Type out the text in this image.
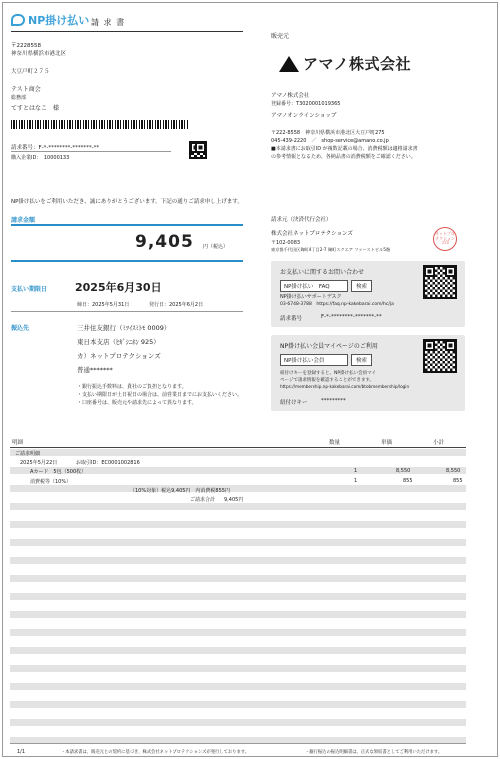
NP掛け払い 請 求 書
販売元
アマノ株式会社
〒2228558
神奈川県横浜市港北区
大豆戸町２７５
テスト商会
総務部
てすとはなこ　様
請求番号：F-*-********-*******-**
購入企業ID：　 10000133
アマノ株式会社
登録番号：T3020001019365
アマノオンラインショップ
〒222-8558　神奈川県横浜市港北区大豆戸町275
045-439-2220　／　shop-service@amano.co.jp
■本請求書にお取引ID が複数記載の場合、消費税額は適格請求書
の参考情報となるため、各納品書の消費税額をご確認ください。
NP掛け払いをご利用いただき、誠にありがとうございます。下記の通りご請求申し上げます。
請求金額
9,405 円（税込）
支払い期限日	2025年6月30日
締日：2025年5月31日	発行日：2025年6月2日
振込先	三井住友銀行（ﾐﾂｲｽﾐﾄﾓ 0009）
東日本支店（ﾋｶﾞｼﾆﾎﾝ 925）
カ）ネットプロテクションズ
普通*******
・銀行振込手数料は、貴社のご負担となります。
・支払い期限日が土日祝日の場合は、前営業日までにお支払いください。
・口座番号は、販売元や請求先によって異なります。
請求元（決済代行会社）
株式会社ネットプロテクションズ
〒102-0083
東京都千代田区麹町4丁目2-7 麹町スクエア ファーストビル5階
ネットプロテクションズ印
お支払いに関するお問い合わせ
NP掛け払い　FAQ	検索
NP掛け払いサポートデスク
03-6748-3788　https://faq.np-kakebarai.com/hc/ja
請求番号	F-*-********-*******-**
NP掛け払い会員マイページのご利用
NP掛け払い会員	検索
紐付けキーを登録すると、NP掛け払い会員マイ
ページで請求情報を確認することができます。
https://membership.np-kakebarai.com/btobmembership/login
紐付けキー *********
明細	数量	単価	小計
ご請求明細
2025年5月22日	お取引ID：EC0001002816
Aカード　5包（500枚）	1	8,550	8,550
消費税等（10%）	1	855	855
（10%対象）税込9,405円　内消費税855円
ご請求合計 9,405円
1/1	・本請求書は、販売元との契約に基づき、株式会社ネットプロテクションズが発行しております。	・銀行振込の振込明細書は、正式な領収書としてご利用いただけます。
